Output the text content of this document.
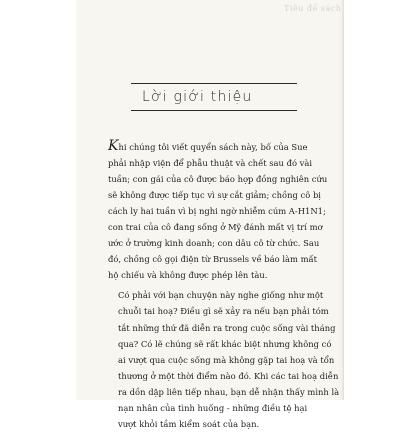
Tiêu đề sách
Lời giới thiệu

Khi chúng tôi viết quyển sách này, bố của Sue
phải nhập viện để phẫu thuật và chết sau đó vài
tuần; con gái của cô được báo hợp đồng nghiên cứu
sẽ không được tiếp tục vì sự cắt giảm; chồng cô bị
cách ly hai tuần vì bị nghi ngờ nhiễm cúm A-H1N1;
con trai của cô đang sống ở Mỹ đánh mất vị trí mơ
ước ở trường kinh doanh; con dâu cô từ chức. Sau
đó, chồng cô gọi điện từ Brussels về báo làm mất
hộ chiếu và không được phép lên tàu.

Có phải với bạn chuyện này nghe giống như một
chuỗi tai hoạ? Điều gì sẽ xảy ra nếu bạn phải tóm
tắt những thứ đã diễn ra trong cuộc sống vài tháng
qua? Có lẽ chúng sẽ rất khác biệt nhưng không có
ai vượt qua cuộc sống mà không gặp tai hoạ và tổn
thương ở một thời điểm nào đó. Khi các tai hoạ diễn
ra dồn dập liên tiếp nhau, bạn dễ nhận thấy mình là
nạn nhân của tình huống - những điều tệ hại
vượt khỏi tầm kiểm soát của bạn.
